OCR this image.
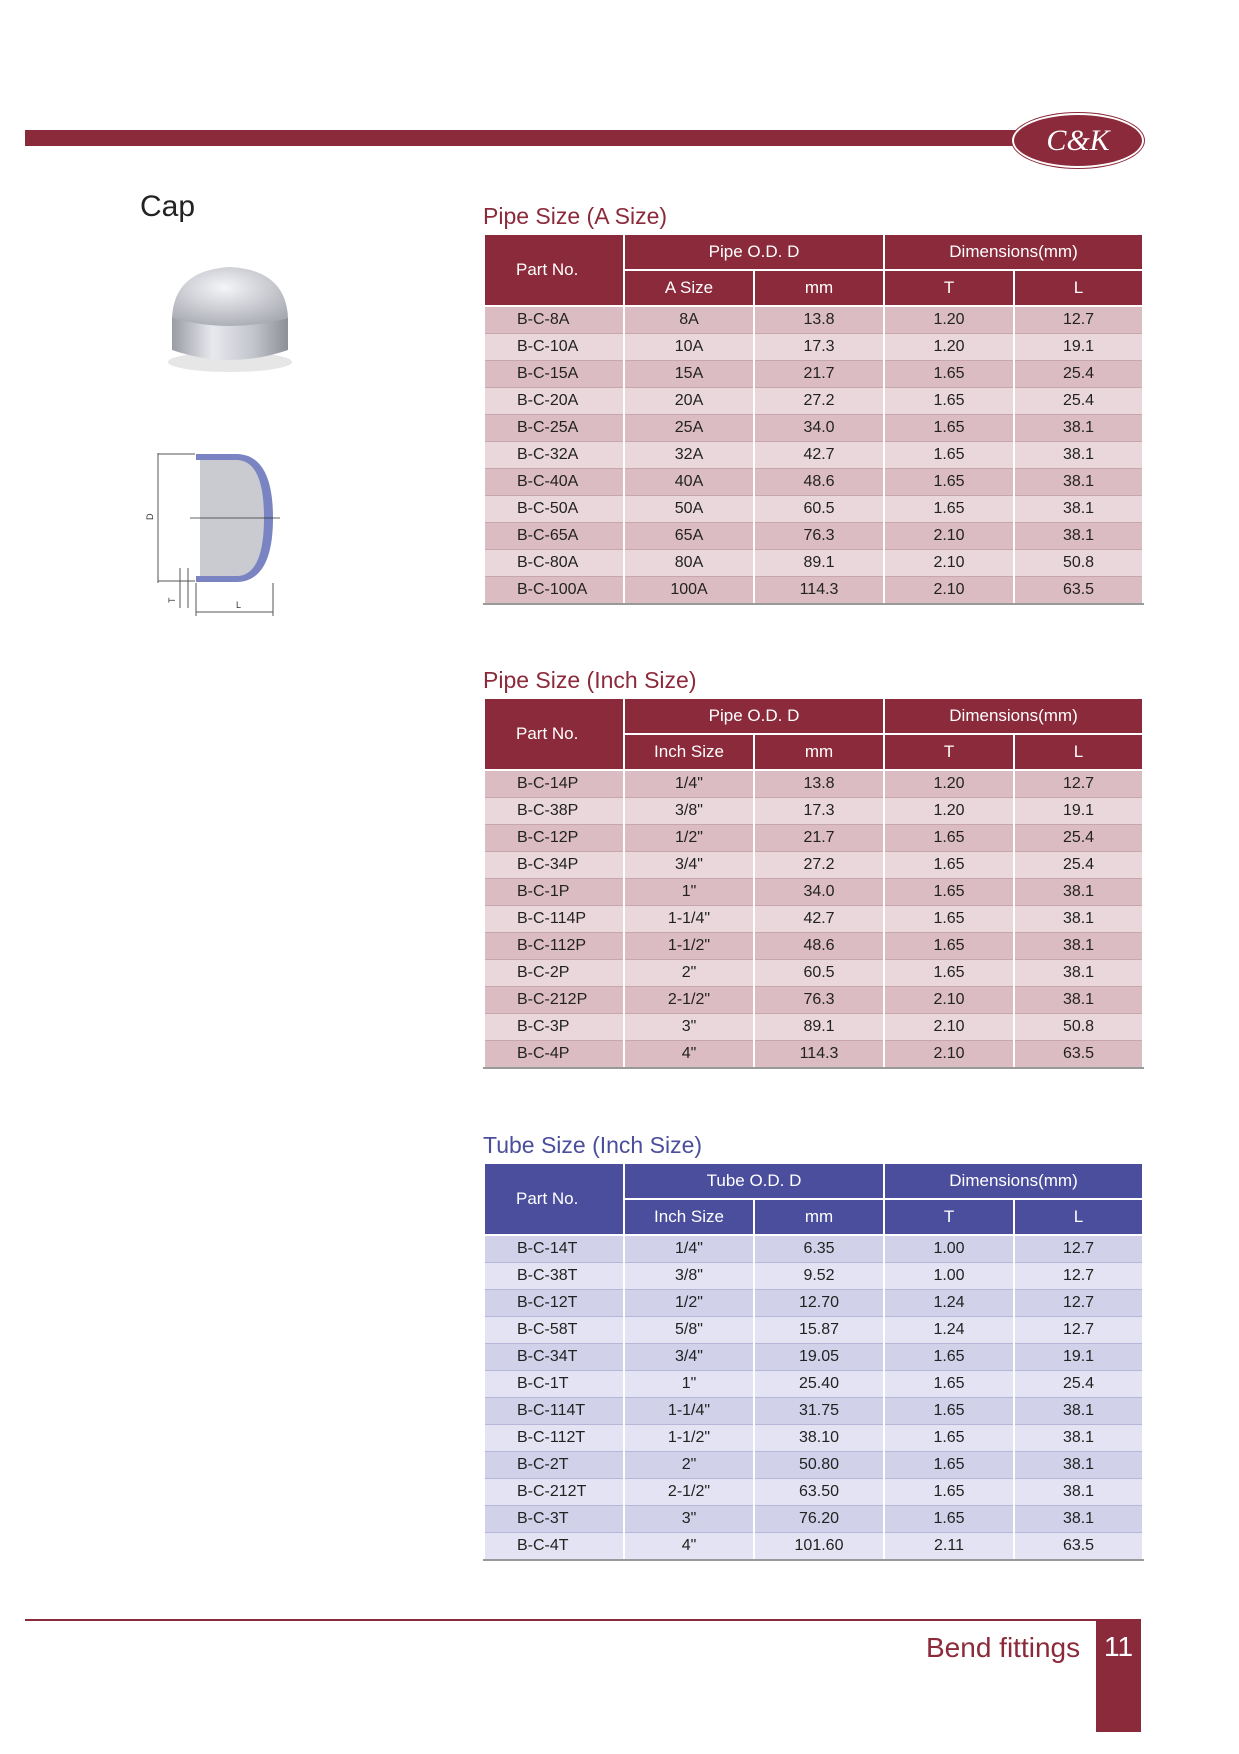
C&K
Cap
D
T	L
Pipe Size (A Size)
Part No.	Pipe O.D. D		Dimensions(mm)	
	A Size	mm	T	L
B-C-8A	8A	13.8	1.20	12.7
B-C-10A	10A	17.3	1.20	19.1
B-C-15A	15A	21.7	1.65	25.4
B-C-20A	20A	27.2	1.65	25.4
B-C-25A	25A	34.0	1.65	38.1
B-C-32A	32A	42.7	1.65	38.1
B-C-40A	40A	48.6	1.65	38.1
B-C-50A	50A	60.5	1.65	38.1
B-C-65A	65A	76.3	2.10	38.1
B-C-80A	80A	89.1	2.10	50.8
B-C-100A	100A	114.3	2.10	63.5
Pipe Size (Inch Size)
Part No.	Pipe O.D. D		Dimensions(mm)	
	Inch Size	mm	T	L
B-C-14P	1/4"	13.8	1.20	12.7
B-C-38P	3/8"	17.3	1.20	19.1
B-C-12P	1/2"	21.7	1.65	25.4
B-C-34P	3/4"	27.2	1.65	25.4
B-C-1P	1"	34.0	1.65	38.1
B-C-114P	1-1/4"	42.7	1.65	38.1
B-C-112P	1-1/2"	48.6	1.65	38.1
B-C-2P	2"	60.5	1.65	38.1
B-C-212P	2-1/2"	76.3	2.10	38.1
B-C-3P	3"	89.1	2.10	50.8
B-C-4P	4"	114.3	2.10	63.5
Tube Size (Inch Size)
Part No.	Tube O.D. D		Dimensions(mm)	
	Inch Size	mm	T	L
B-C-14T	1/4"	6.35	1.00	12.7
B-C-38T	3/8"	9.52	1.00	12.7
B-C-12T	1/2"	12.70	1.24	12.7
B-C-58T	5/8"	15.87	1.24	12.7
B-C-34T	3/4"	19.05	1.65	19.1
B-C-1T	1"	25.40	1.65	25.4
B-C-114T	1-1/4"	31.75	1.65	38.1
B-C-112T	1-1/2"	38.10	1.65	38.1
B-C-2T	2"	50.80	1.65	38.1
B-C-212T	2-1/2"	63.50	1.65	38.1
B-C-3T	3"	76.20	1.65	38.1
B-C-4T	4"	101.60	2.11	63.5
Bend fittings 11
